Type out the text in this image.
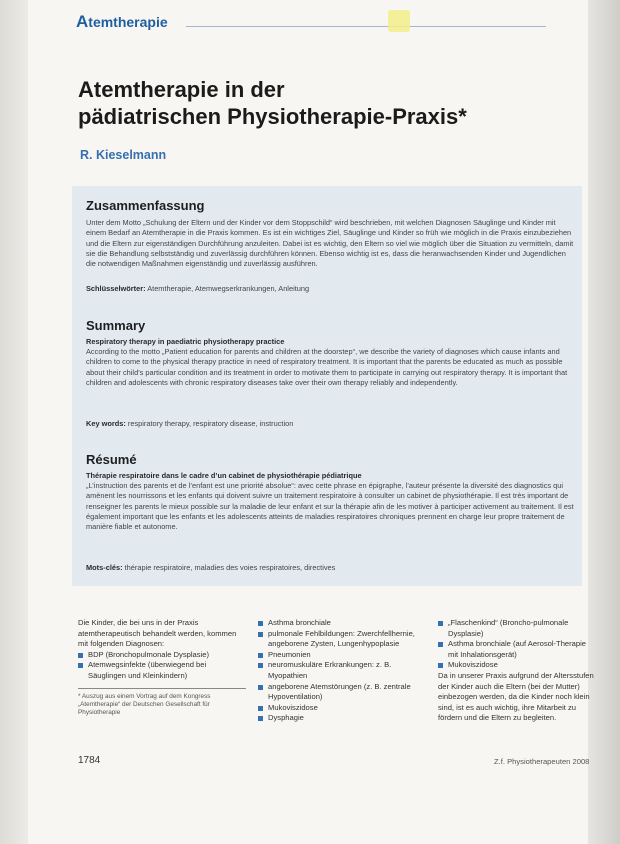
Atemtherapie
Atemtherapie in der
pädiatrischen Physiotherapie-Praxis*
R. Kieselmann
Zusammenfassung
Unter dem Motto „Schulung der Eltern und der Kinder vor dem Stoppschild“ wird beschrieben, mit welchen Diagnosen Säuglinge und Kinder mit einem Bedarf an Atemtherapie in die Praxis kommen. Es ist ein wichtiges Ziel, Säuglinge und Kinder so früh wie möglich in die Praxis einzubeziehen und die Eltern zur eigenständigen Durchführung anzuleiten. Dabei ist es wichtig, den Eltern so viel wie möglich über die Situation zu vermitteln, damit sie die Behandlung selbstständig und zuverlässig durchführen können. Ebenso wichtig ist es, dass die heranwachsenden Kinder und Jugendlichen die notwendigen Maßnahmen eigenständig und zuverlässig ausführen.
Schlüsselwörter: Atemtherapie, Atemwegserkrankungen, Anleitung
Summary
Respiratory therapy in paediatric physiotherapy practice
According to the motto „Patient education for parents and children at the doorstep“, we describe the variety of diagnoses which cause infants and children to come to the physical therapy practice in need of respiratory treatment. It is important that the parents be educated as much as possible about their child’s particular condition and its treatment in order to motivate them to participate in carrying out respiratory therapy. It is important that children and adolescents with chronic respiratory diseases take over their own therapy reliably and independently.
Key words: respiratory therapy, respiratory disease, instruction
Résumé
Thérapie respiratoire dans le cadre d’un cabinet de physiothérapie pédiatrique
„L’instruction des parents et de l’enfant est une priorité absolue“: avec cette phrase en épigraphe, l’auteur présente la diversité des diagnostics qui amènent les nourrissons et les enfants qui doivent suivre un traitement respiratoire à consulter un cabinet de physiothérapie. Il est très important de renseigner les parents le mieux possible sur la maladie de leur enfant et sur la thérapie afin de les motiver à participer activement au traitement. Il est également important que les enfants et les adolescents atteints de maladies respiratoires chroniques prennent en charge leur propre traitement de manière fiable et autonome.
Mots-clés: thérapie respiratoire, maladies des voies respiratoires, directives

Die Kinder, die bei uns in der Praxis atemtherapeutisch behandelt werden, kommen mit folgenden Diagnosen:

BDP (Bronchopulmonale Dysplasie)
Atemwegsinfekte (überwiegend bei Säuglingen und Kleinkindern)
* Auszug aus einem Vortrag auf dem Kongress „Atemtherapie“ der Deutschen Gesellschaft für Physiotherapie
Asthma bronchiale
pulmonale Fehlbildungen: Zwerchfellhernie, angeborene Zysten, Lungenhypoplasie
Pneumonien
neuromuskuläre Erkrankungen: z. B. Myopathien
angeborene Atemstörungen (z. B. zentrale Hypoventilation)
Mukoviszidose
Dysphagie
„Flaschenkind“ (Broncho-pulmonale Dysplasie)
Asthma bronchiale (auf Aerosol-Therapie mit Inhalationsgerät)
Mukoviszidose

Da in unserer Praxis aufgrund der Altersstufen der Kinder auch die Eltern (bei der Mutter) einbezogen werden, da die Kinder noch klein sind, ist es auch wichtig, ihre Mitarbeit zu fördern und die Eltern zu begleiten.

1784	Z.f. Physiotherapeuten 2008
